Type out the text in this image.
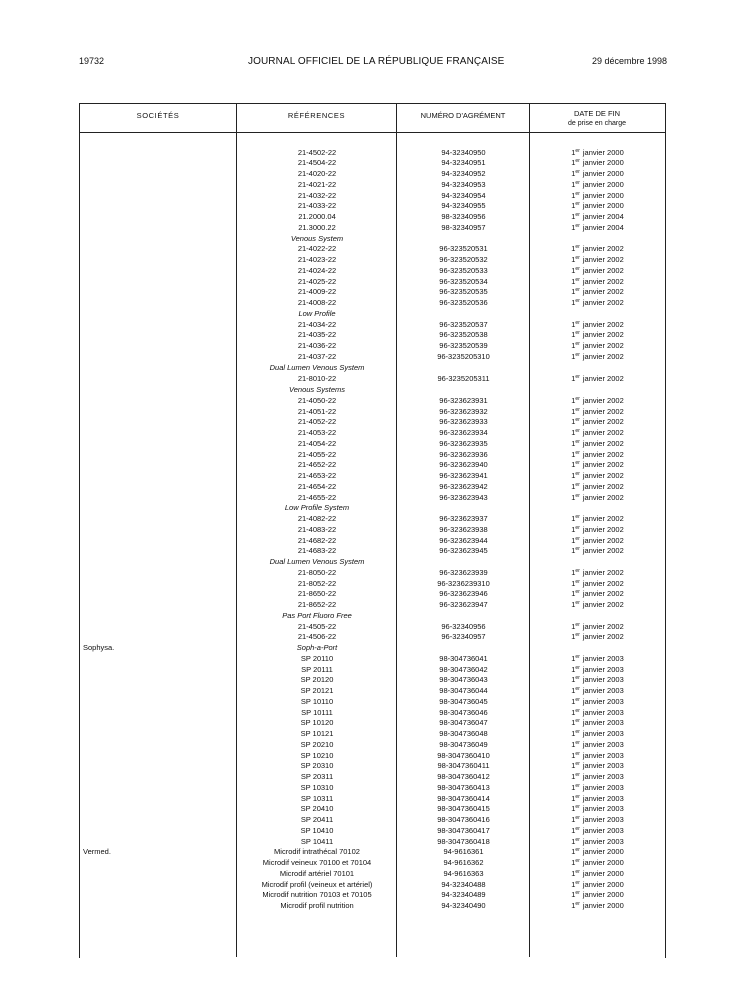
19732	JOURNAL OFFICIEL DE LA RÉPUBLIQUE FRANÇAISE	29 décembre 1998
SOCIÉTÉS	RÉFÉRENCES	NUMÉRO D'AGRÉMENT	DATE DE FIN
de prise en charge
21-4502-22	94-32340950	1er janvier 2000
21-4504-22	94-32340951	1er janvier 2000
21-4020-22	94-32340952	1er janvier 2000
21-4021-22	94-32340953	1er janvier 2000
21-4032-22	94-32340954	1er janvier 2000
21-4033-22	94-32340955	1er janvier 2000
21.2000.04	98-32340956	1er janvier 2004
21.3000.22	98-32340957	1er janvier 2004
Venous System
21-4022-22	96-323520531	1er janvier 2002
21-4023-22	96-323520532	1er janvier 2002
21-4024-22	96-323520533	1er janvier 2002
21-4025-22	96-323520534	1er janvier 2002
21-4009-22	96-323520535	1er janvier 2002
21-4008-22	96-323520536	1er janvier 2002
Low Profile
21-4034-22	96-323520537	1er janvier 2002
21-4035-22	96-323520538	1er janvier 2002
21-4036-22	96-323520539	1er janvier 2002
21-4037-22	96-3235205310	1er janvier 2002
Dual Lumen Venous System
21-8010-22	96-3235205311	1er janvier 2002
Venous Systems
21-4050-22	96-323623931	1er janvier 2002
21-4051-22	96-323623932	1er janvier 2002
21-4052-22	96-323623933	1er janvier 2002
21-4053-22	96-323623934	1er janvier 2002
21-4054-22	96-323623935	1er janvier 2002
21-4055-22	96-323623936	1er janvier 2002
21-4652-22	96-323623940	1er janvier 2002
21-4653-22	96-323623941	1er janvier 2002
21-4654-22	96-323623942	1er janvier 2002
21-4655-22	96-323623943	1er janvier 2002
Low Profile System
21-4082-22	96-323623937	1er janvier 2002
21-4083-22	96-323623938	1er janvier 2002
21-4682-22	96-323623944	1er janvier 2002
21-4683-22	96-323623945	1er janvier 2002
Dual Lumen Venous System
21-8050-22	96-323623939	1er janvier 2002
21-8052-22	96-3236239310	1er janvier 2002
21-8650-22	96-323623946	1er janvier 2002
21-8652-22	96-323623947	1er janvier 2002
Pas Port Fluoro Free
21-4505-22	96-32340956	1er janvier 2002
21-4506-22	96-32340957	1er janvier 2002
Sophysa.	Soph-a-Port
SP 20110	98-304736041	1er janvier 2003
SP 20111	98-304736042	1er janvier 2003
SP 20120	98-304736043	1er janvier 2003
SP 20121	98-304736044	1er janvier 2003
SP 10110	98-304736045	1er janvier 2003
SP 10111	98-304736046	1er janvier 2003
SP 10120	98-304736047	1er janvier 2003
SP 10121	98-304736048	1er janvier 2003
SP 20210	98-304736049	1er janvier 2003
SP 10210	98-3047360410	1er janvier 2003
SP 20310	98-3047360411	1er janvier 2003
SP 20311	98-3047360412	1er janvier 2003
SP 10310	98-3047360413	1er janvier 2003
SP 10311	98-3047360414	1er janvier 2003
SP 20410	98-3047360415	1er janvier 2003
SP 20411	98-3047360416	1er janvier 2003
SP 10410	98-3047360417	1er janvier 2003
SP 10411	98-3047360418	1er janvier 2003
Vermed.	Microdif intrathécal 70102	94-9616361	1er janvier 2000
Microdif veineux 70100 et 70104	94-9616362	1er janvier 2000
Microdif artériel 70101	94-9616363	1er janvier 2000
Microdif profil (veineux et artériel)	94-32340488	1er janvier 2000
Microdif nutrition 70103 et 70105	94-32340489	1er janvier 2000
Microdif profil nutrition	94-32340490	1er janvier 2000
